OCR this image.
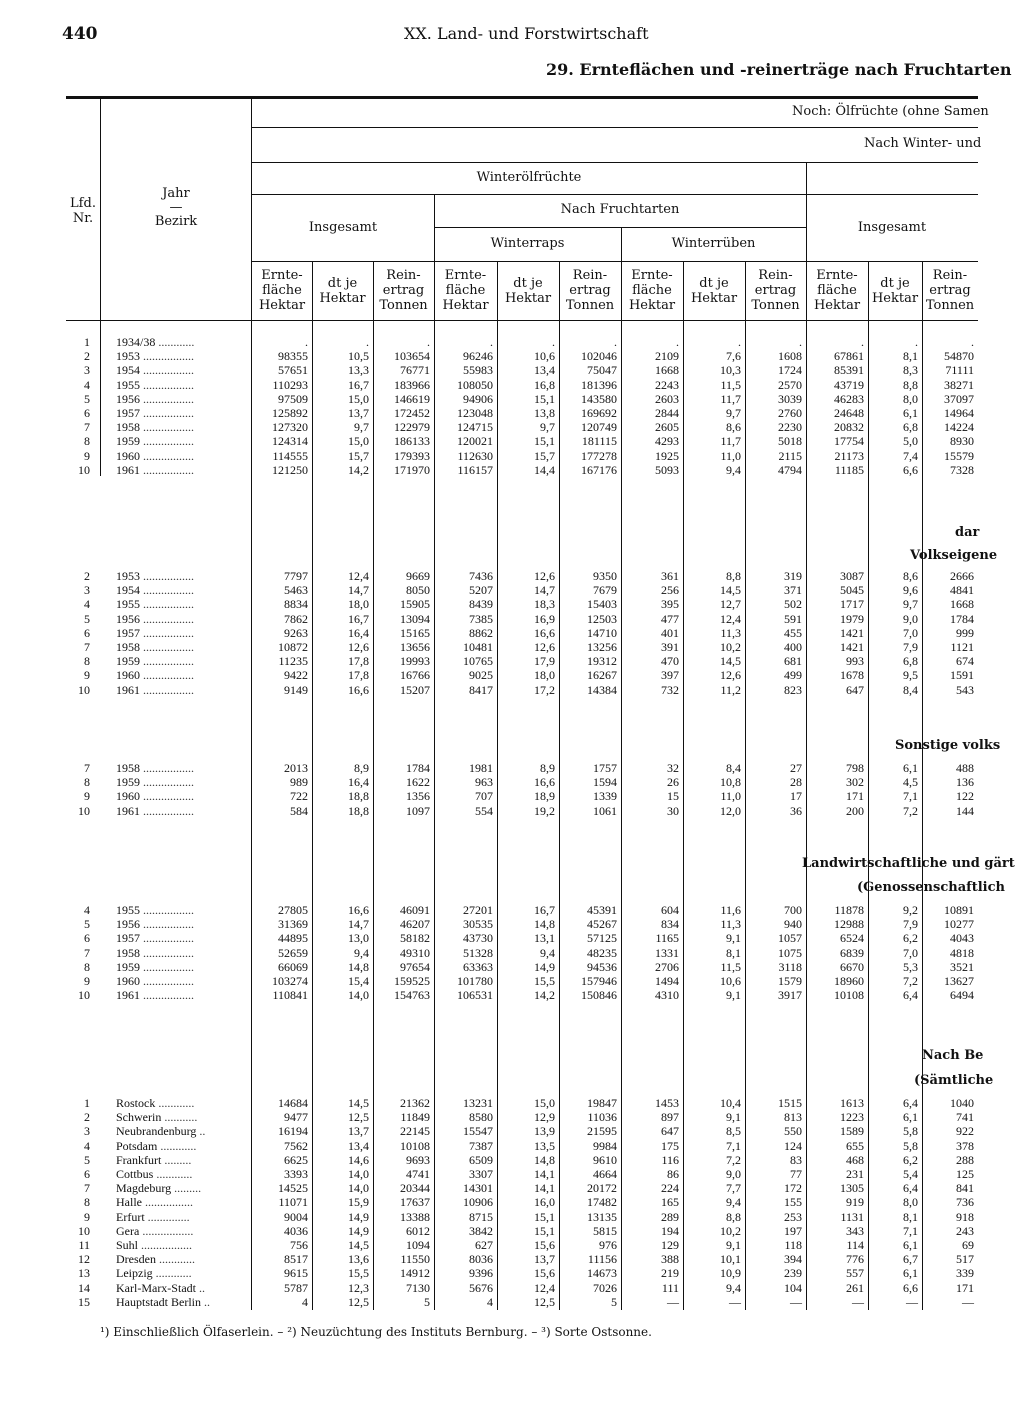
440	XX. Land- und Forstwirtschaft
29. Ernteflächen und -reinerträge nach Fruchtarten
Lfd. Nr.
Jahr
—
Bezirk
Noch: Ölfrüchte (ohne Samen
Nach Winter- und
Winterölfrüchte
Insgesamt
Nach Fruchtarten
Winterraps	Winterrüben
Insgesamt
Ernte-
fläche
Hektar
dt je
Hektar
Rein-
ertrag
Tonnen
Ernte-
fläche
Hektar
dt je
Hektar
Rein-
ertrag
Tonnen
Ernte-
fläche
Hektar
dt je
Hektar
Rein-
ertrag
Tonnen
Ernte-
fläche
Hektar
dt je
Hektar
Rein-
ertrag
Tonnen
1 1934/38 ............	.	.	.	.	.	.	.	.	.	.	.	.
2 1953 .................	98355	10,5	103654	96246	10,6	102046	2109	7,6	1608	67861	8,1	54870
3 1954 .................	57651	13,3	76771	55983	13,4	75047	1668	10,3	1724	85391	8,3	71111
4 1955 .................	110293	16,7	183966	108050	16,8	181396	2243	11,5	2570	43719	8,8	38271
5 1956 .................	97509	15,0	146619	94906	15,1	143580	2603	11,7	3039	46283	8,0	37097
6 1957 .................	125892	13,7	172452	123048	13,8	169692	2844	9,7	2760	24648	6,1	14964
7 1958 .................	127320	9,7	122979	124715	9,7	120749	2605	8,6	2230	20832	6,8	14224
8 1959 .................	124314	15,0	186133	120021	15,1	181115	4293	11,7	5018	17754	5,0	8930
9 1960 .................	114555	15,7	179393	112630	15,7	177278	1925	11,0	2115	21173	7,4	15579
10 1961 .................	121250	14,2	171970	116157	14,4	167176	5093	9,4	4794	11185	6,6	7328
dar
Volkseigene
2 1953 .................	7797	12,4	9669	7436	12,6	9350	361	8,8	319	3087	8,6	2666
3 1954 .................	5463	14,7	8050	5207	14,7	7679	256	14,5	371	5045	9,6	4841
4 1955 .................	8834	18,0	15905	8439	18,3	15403	395	12,7	502	1717	9,7	1668
5 1956 .................	7862	16,7	13094	7385	16,9	12503	477	12,4	591	1979	9,0	1784
6 1957 .................	9263	16,4	15165	8862	16,6	14710	401	11,3	455	1421	7,0	999
7 1958 .................	10872	12,6	13656	10481	12,6	13256	391	10,2	400	1421	7,9	1121
8 1959 .................	11235	17,8	19993	10765	17,9	19312	470	14,5	681	993	6,8	674
9 1960 .................	9422	17,8	16766	9025	18,0	16267	397	12,6	499	1678	9,5	1591
10 1961 .................	9149	16,6	15207	8417	17,2	14384	732	11,2	823	647	8,4	543
Sonstige volks
7 1958 .................	2013	8,9	1784	1981	8,9	1757	32	8,4	27	798	6,1	488
8 1959 .................	989	16,4	1622	963	16,6	1594	26	10,8	28	302	4,5	136
9 1960 .................	722	18,8	1356	707	18,9	1339	15	11,0	17	171	7,1	122
10 1961 .................	584	18,8	1097	554	19,2	1061	30	12,0	36	200	7,2	144
Landwirtschaftliche und gärt
(Genossenschaftlich
4 1955 .................	27805	16,6	46091	27201	16,7	45391	604	11,6	700	11878	9,2	10891
5 1956 .................	31369	14,7	46207	30535	14,8	45267	834	11,3	940	12988	7,9	10277
6 1957 .................	44895	13,0	58182	43730	13,1	57125	1165	9,1	1057	6524	6,2	4043
7 1958 .................	52659	9,4	49310	51328	9,4	48235	1331	8,1	1075	6839	7,0	4818
8 1959 .................	66069	14,8	97654	63363	14,9	94536	2706	11,5	3118	6670	5,3	3521
9 1960 .................	103274	15,4	159525	101780	15,5	157946	1494	10,6	1579	18960	7,2	13627
10 1961 .................	110841	14,0	154763	106531	14,2	150846	4310	9,1	3917	10108	6,4	6494
Nach Be
(Sämtliche
1 Rostock ............	14684	14,5	21362	13231	15,0	19847	1453	10,4	1515	1613	6,4	1040
2 Schwerin ...........	9477	12,5	11849	8580	12,9	11036	897	9,1	813	1223	6,1	741
3 Neubrandenburg ..	16194	13,7	22145	15547	13,9	21595	647	8,5	550	1589	5,8	922
4 Potsdam ............	7562	13,4	10108	7387	13,5	9984	175	7,1	124	655	5,8	378
5 Frankfurt .........	6625	14,6	9693	6509	14,8	9610	116	7,2	83	468	6,2	288
6 Cottbus ............	3393	14,0	4741	3307	14,1	4664	86	9,0	77	231	5,4	125
7 Magdeburg .........	14525	14,0	20344	14301	14,1	20172	224	7,7	172	1305	6,4	841
8 Halle ................	11071	15,9	17637	10906	16,0	17482	165	9,4	155	919	8,0	736
9 Erfurt ..............	9004	14,9	13388	8715	15,1	13135	289	8,8	253	1131	8,1	918
10 Gera .................	4036	14,9	6012	3842	15,1	5815	194	10,2	197	343	7,1	243
11 Suhl .................	756	14,5	1094	627	15,6	976	129	9,1	118	114	6,1	69
12 Dresden ............	8517	13,6	11550	8036	13,7	11156	388	10,1	394	776	6,7	517
13 Leipzig ............	9615	15,5	14912	9396	15,6	14673	219	10,9	239	557	6,1	339
14 Karl-Marx-Stadt ..	5787	12,3	7130	5676	12,4	7026	111	9,4	104	261	6,6	171
15 Hauptstadt Berlin ..	4	12,5	5	4	12,5	5	—	—	—	—	—	—
¹) Einschließlich Ölfaserlein. – ²) Neuzüchtung des Instituts Bernburg. – ³) Sorte Ostsonne.
